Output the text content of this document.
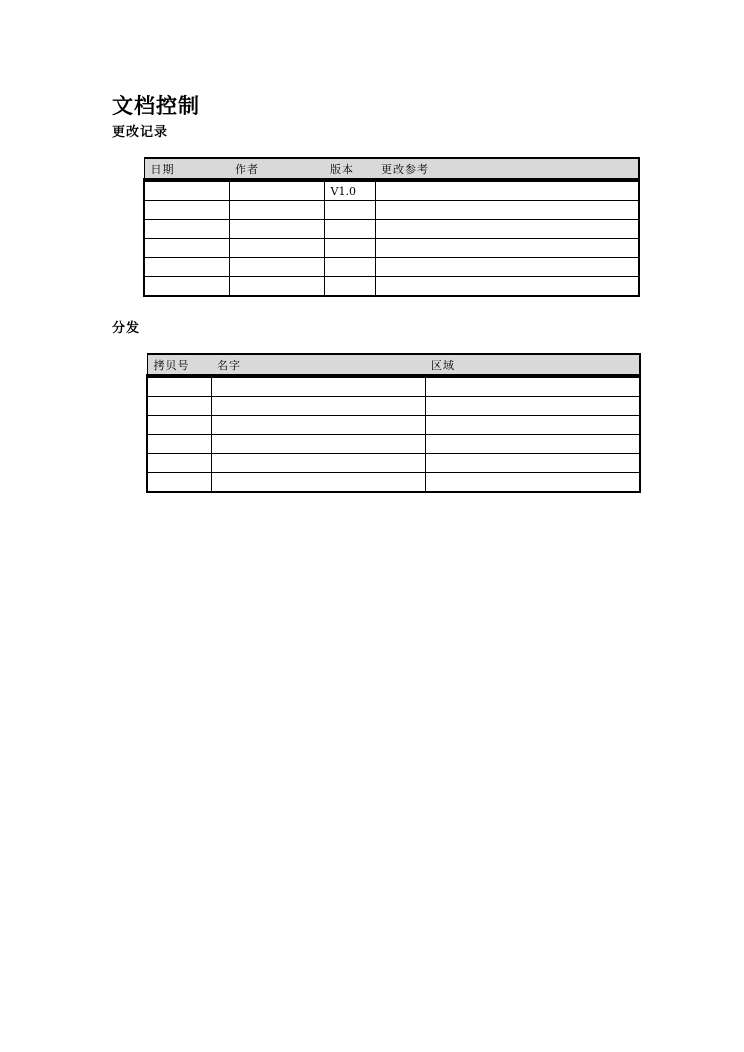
文档控制
更改记录
日期	作者	版本	更改参考
		V1.0	

分发
拷贝号	名字	区域
